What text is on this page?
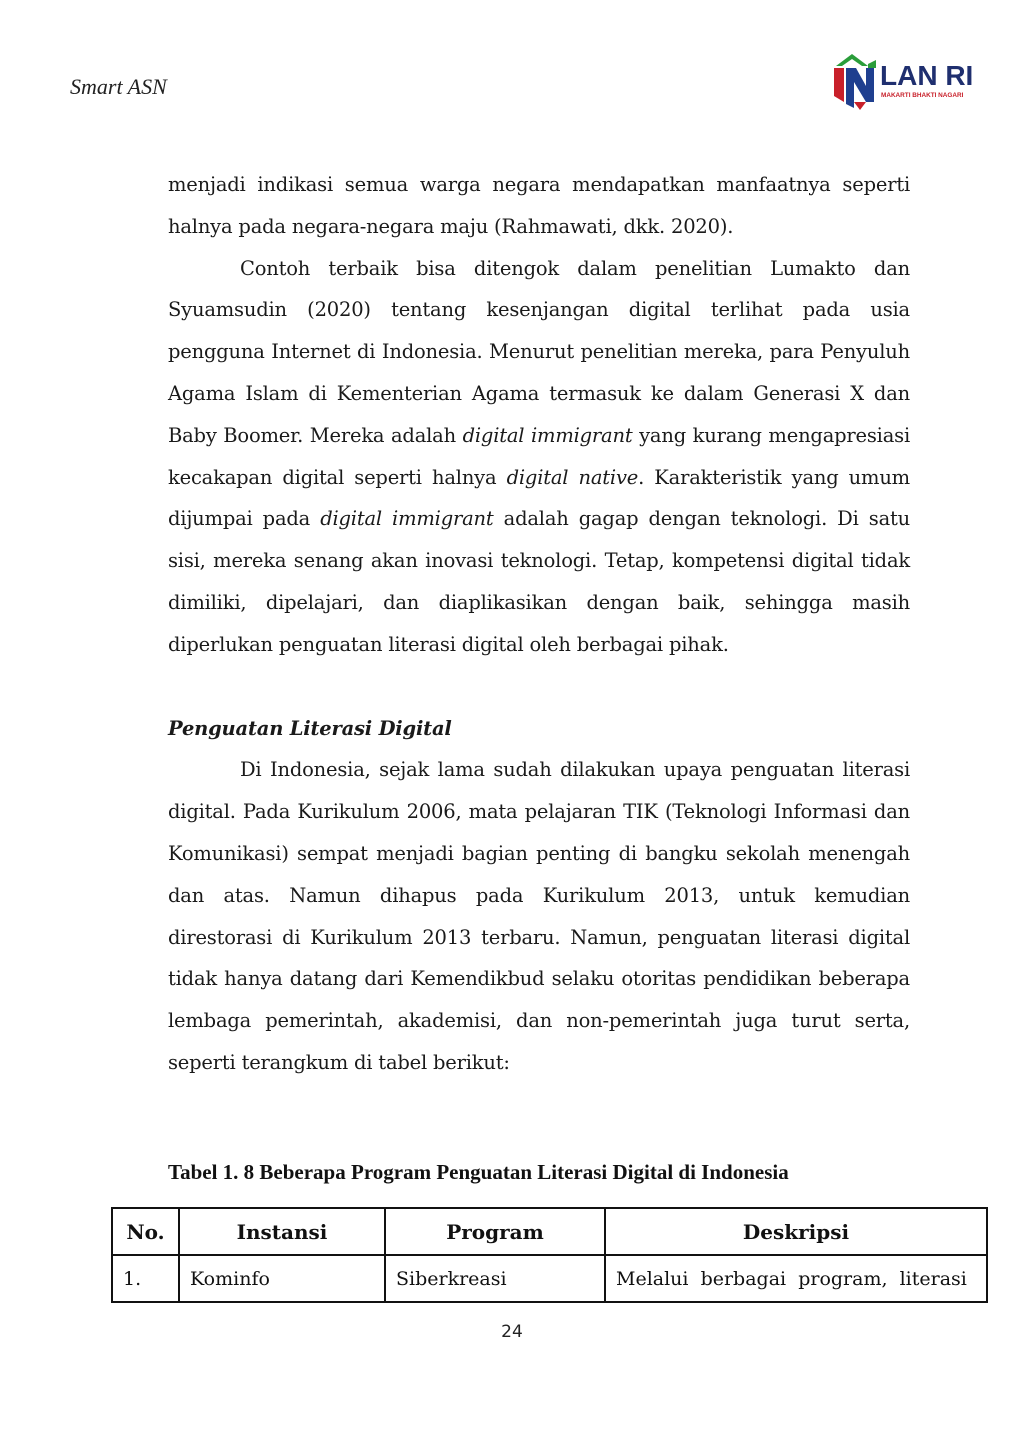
Smart ASN	LAN RI
MAKARTI BHAKTI NAGARI

menjadi indikasi semua warga negara mendapatkan manfaatnya seperti halnya pada negara-negara maju (Rahmawati, dkk. 2020).

Contoh terbaik bisa ditengok dalam penelitian Lumakto dan Syuamsudin (2020) tentang kesenjangan digital terlihat pada usia pengguna Internet di Indonesia. Menurut penelitian mereka, para Penyuluh Agama Islam di Kementerian Agama termasuk ke dalam Generasi X dan Baby Boomer. Mereka adalah digital immigrant yang kurang mengapresiasi kecakapan digital seperti halnya digital native. Karakteristik yang umum dijumpai pada digital immigrant adalah gagap dengan teknologi. Di satu sisi, mereka senang akan inovasi teknologi. Tetap, kompetensi digital tidak dimiliki, dipelajari, dan diaplikasikan dengan baik, sehingga masih diperlukan penguatan literasi digital oleh berbagai pihak.

Penguatan Literasi Digital

Di Indonesia, sejak lama sudah dilakukan upaya penguatan literasi digital. Pada Kurikulum 2006, mata pelajaran TIK (Teknologi Informasi dan Komunikasi) sempat menjadi bagian penting di bangku sekolah menengah dan atas. Namun dihapus pada Kurikulum 2013, untuk kemudian direstorasi di Kurikulum 2013 terbaru. Namun, penguatan literasi digital tidak hanya datang dari Kemendikbud selaku otoritas pendidikan beberapa lembaga pemerintah, akademisi, dan non-pemerintah juga turut serta, seperti terangkum di tabel berikut:

Tabel 1. 8 Beberapa Program Penguatan Literasi Digital di Indonesia
No.	Instansi	Program	Deskripsi
1.	Kominfo	Siberkreasi	Melalui  berbagai  program,  literasi
24
